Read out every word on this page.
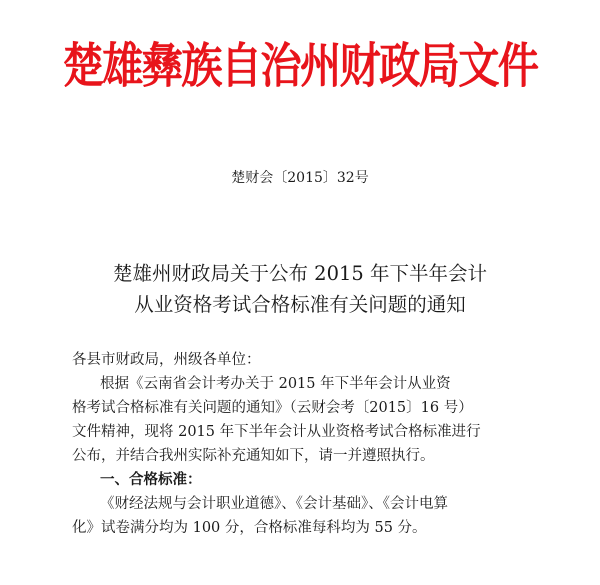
楚雄彝族自治州财政局文件
楚财会〔2015〕32号
楚雄州财政局关于公布 2015 年下半年会计
从业资格考试合格标准有关问题的通知
各县市财政局，州级各单位：
根据《云南省会计考办关于 2015 年下半年会计从业资
格考试合格标准有关问题的通知》（云财会考〔2015〕16 号）
文件精神，现将 2015 年下半年会计从业资格考试合格标准进行
公布，并结合我州实际补充通知如下，请一并遵照执行。
一、合格标准：
《财经法规与会计职业道德》、《会计基础》、《会计电算
化》试卷满分均为 100 分，合格标准每科均为 55 分。
